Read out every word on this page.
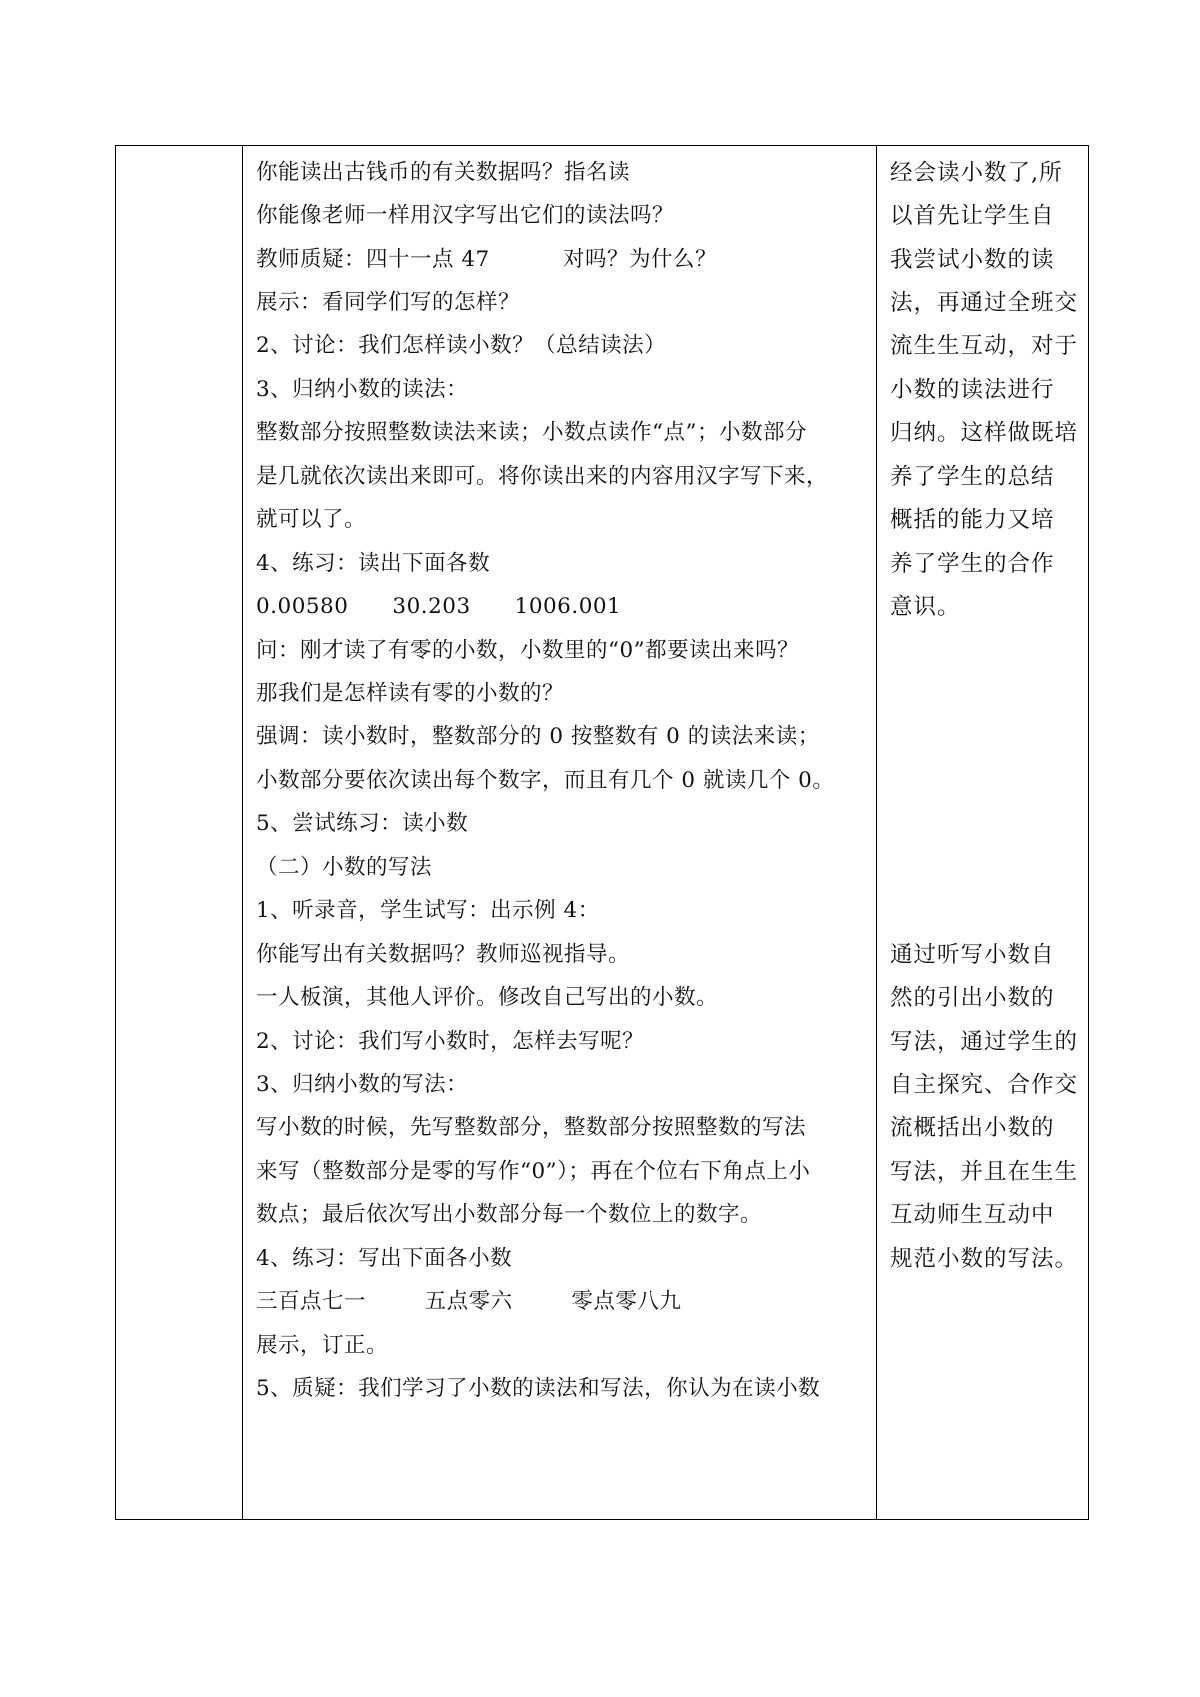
你能读出古钱币的有关数据吗？指名读
你能像老师一样用汉字写出它们的读法吗？
教师质疑：四十一点 47          对吗？为什么？
展示：看同学们写的怎样？
2、讨论：我们怎样读小数？（总结读法）
3、归纳小数的读法：
整数部分按照整数读法来读；小数点读作“点”；小数部分
是几就依次读出来即可。将你读出来的内容用汉字写下来，
就可以了。
4、练习：读出下面各数
0.00580      30.203      1006.001
问：刚才读了有零的小数，小数里的“0”都要读出来吗？
那我们是怎样读有零的小数的？
强调：读小数时，整数部分的 0 按整数有 0 的读法来读；
小数部分要依次读出每个数字，而且有几个 0 就读几个 0。
5、尝试练习：读小数
（二）小数的写法
1、听录音，学生试写：出示例 4：
你能写出有关数据吗？教师巡视指导。
一人板演，其他人评价。修改自己写出的小数。
2、讨论：我们写小数时，怎样去写呢？
3、归纳小数的写法：
写小数的时候，先写整数部分，整数部分按照整数的写法
来写（整数部分是零的写作“0”）；再在个位右下角点上小
数点；最后依次写出小数部分每一个数位上的数字。
4、练习：写出下面各小数
三百点七一        五点零六        零点零八九
展示，订正。
5、质疑：我们学习了小数的读法和写法，你认为在读小数
经会读小数了,所
以首先让学生自
我尝试小数的读
法，再通过全班交
流生生互动，对于
小数的读法进行
归纳。这样做既培
养了学生的总结
概括的能力又培
养了学生的合作
意识。
通过听写小数自
然的引出小数的
写法，通过学生的
自主探究、合作交
流概括出小数的
写法，并且在生生
互动师生互动中
规范小数的写法。
